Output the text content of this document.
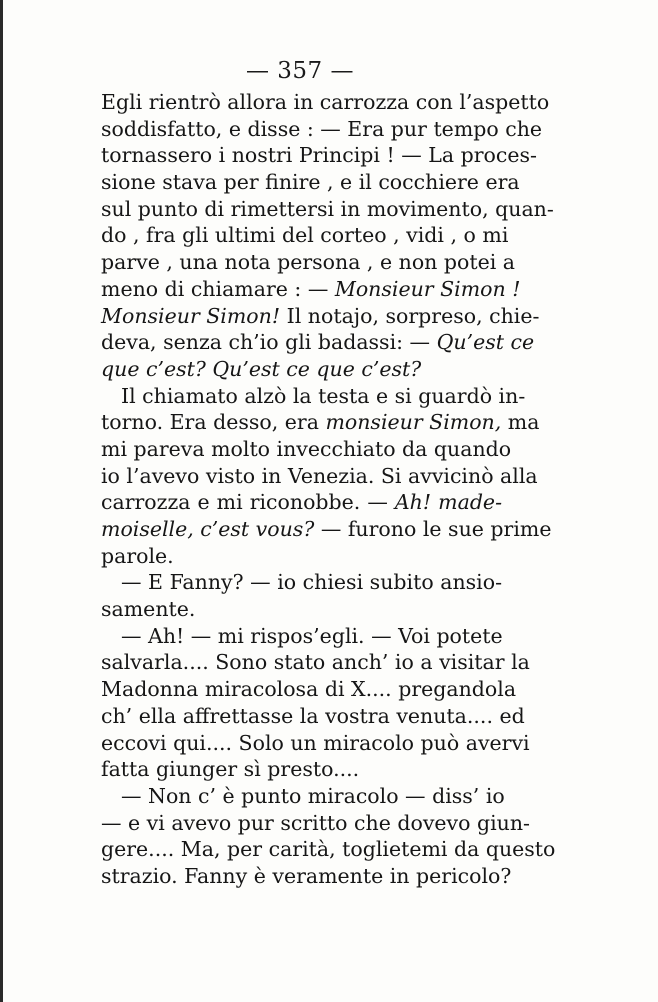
— 357 —
Egli rientrò allora in carrozza con l’aspetto
soddisfatto, e disse : — Era pur tempo che
tornassero i nostri Principi ! — La proces-
sione stava per finire , e il cocchiere era
sul punto di rimettersi in movimento, quan-
do , fra gli ultimi del corteo , vidi , o mi
parve , una nota persona , e non potei a
meno di chiamare : — Monsieur Simon !
Monsieur Simon! Il notajo, sorpreso, chie-
deva, senza ch’io gli badassi: — Qu’est ce
que c’est? Qu’est ce que c’est?
Il chiamato alzò la testa e si guardò in-
torno. Era desso, era monsieur Simon, ma
mi pareva molto invecchiato da quando
io l’avevo visto in Venezia. Si avvicinò alla
carrozza e mi riconobbe. — Ah! made-
moiselle, c’est vous? — furono le sue prime
parole.
— E Fanny? — io chiesi subito ansio-
samente.
— Ah! — mi rispos’egli. — Voi potete
salvarla.... Sono stato anch’ io a visitar la
Madonna miracolosa di X.... pregandola
ch’ ella affrettasse la vostra venuta.... ed
eccovi qui.... Solo un miracolo può avervi
fatta giunger sì presto....
— Non c’ è punto miracolo — diss’ io
— e vi avevo pur scritto che dovevo giun-
gere.... Ma, per carità, toglietemi da questo
strazio. Fanny è veramente in pericolo?
